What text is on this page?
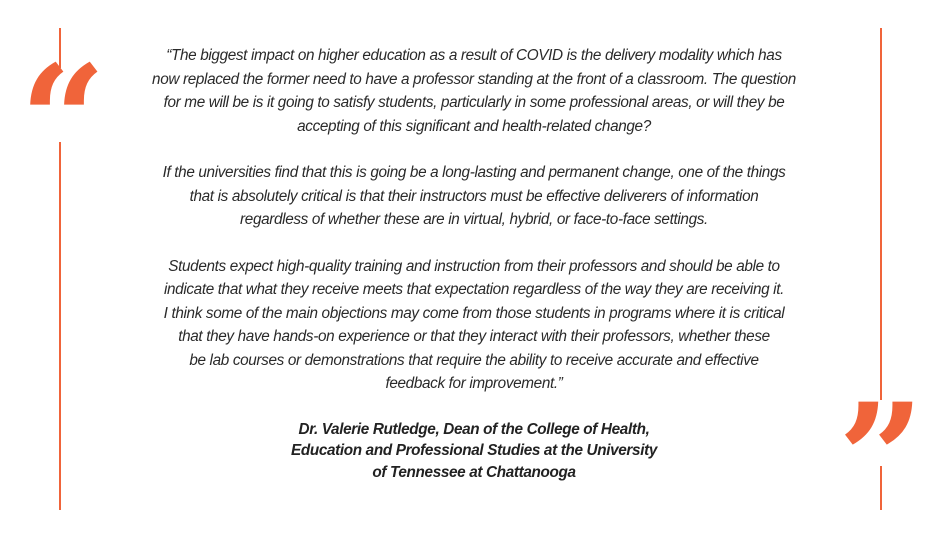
“
”

“The biggest impact on higher education as a result of COVID is the delivery modality which has
now replaced the former need to have a professor standing at the front of a classroom. The question
for me will be is it going to satisfy students, particularly in some professional areas, or will they be
accepting of this significant and health-related change?

If the universities find that this is going be a long-lasting and permanent change, one of the things
that is absolutely critical is that their instructors must be effective deliverers of information
regardless of whether these are in virtual, hybrid, or face-to-face settings.

Students expect high-quality training and instruction from their professors and should be able to
indicate that what they receive meets that expectation regardless of the way they are receiving it.
I think some of the main objections may come from those students in programs where it is critical
that they have hands-on experience or that they interact with their professors, whether these
be lab courses or demonstrations that require the ability to receive accurate and effective
feedback for improvement.”

Dr. Valerie Rutledge, Dean of the College of Health,
Education and Professional Studies at the University
of Tennessee at Chattanooga
